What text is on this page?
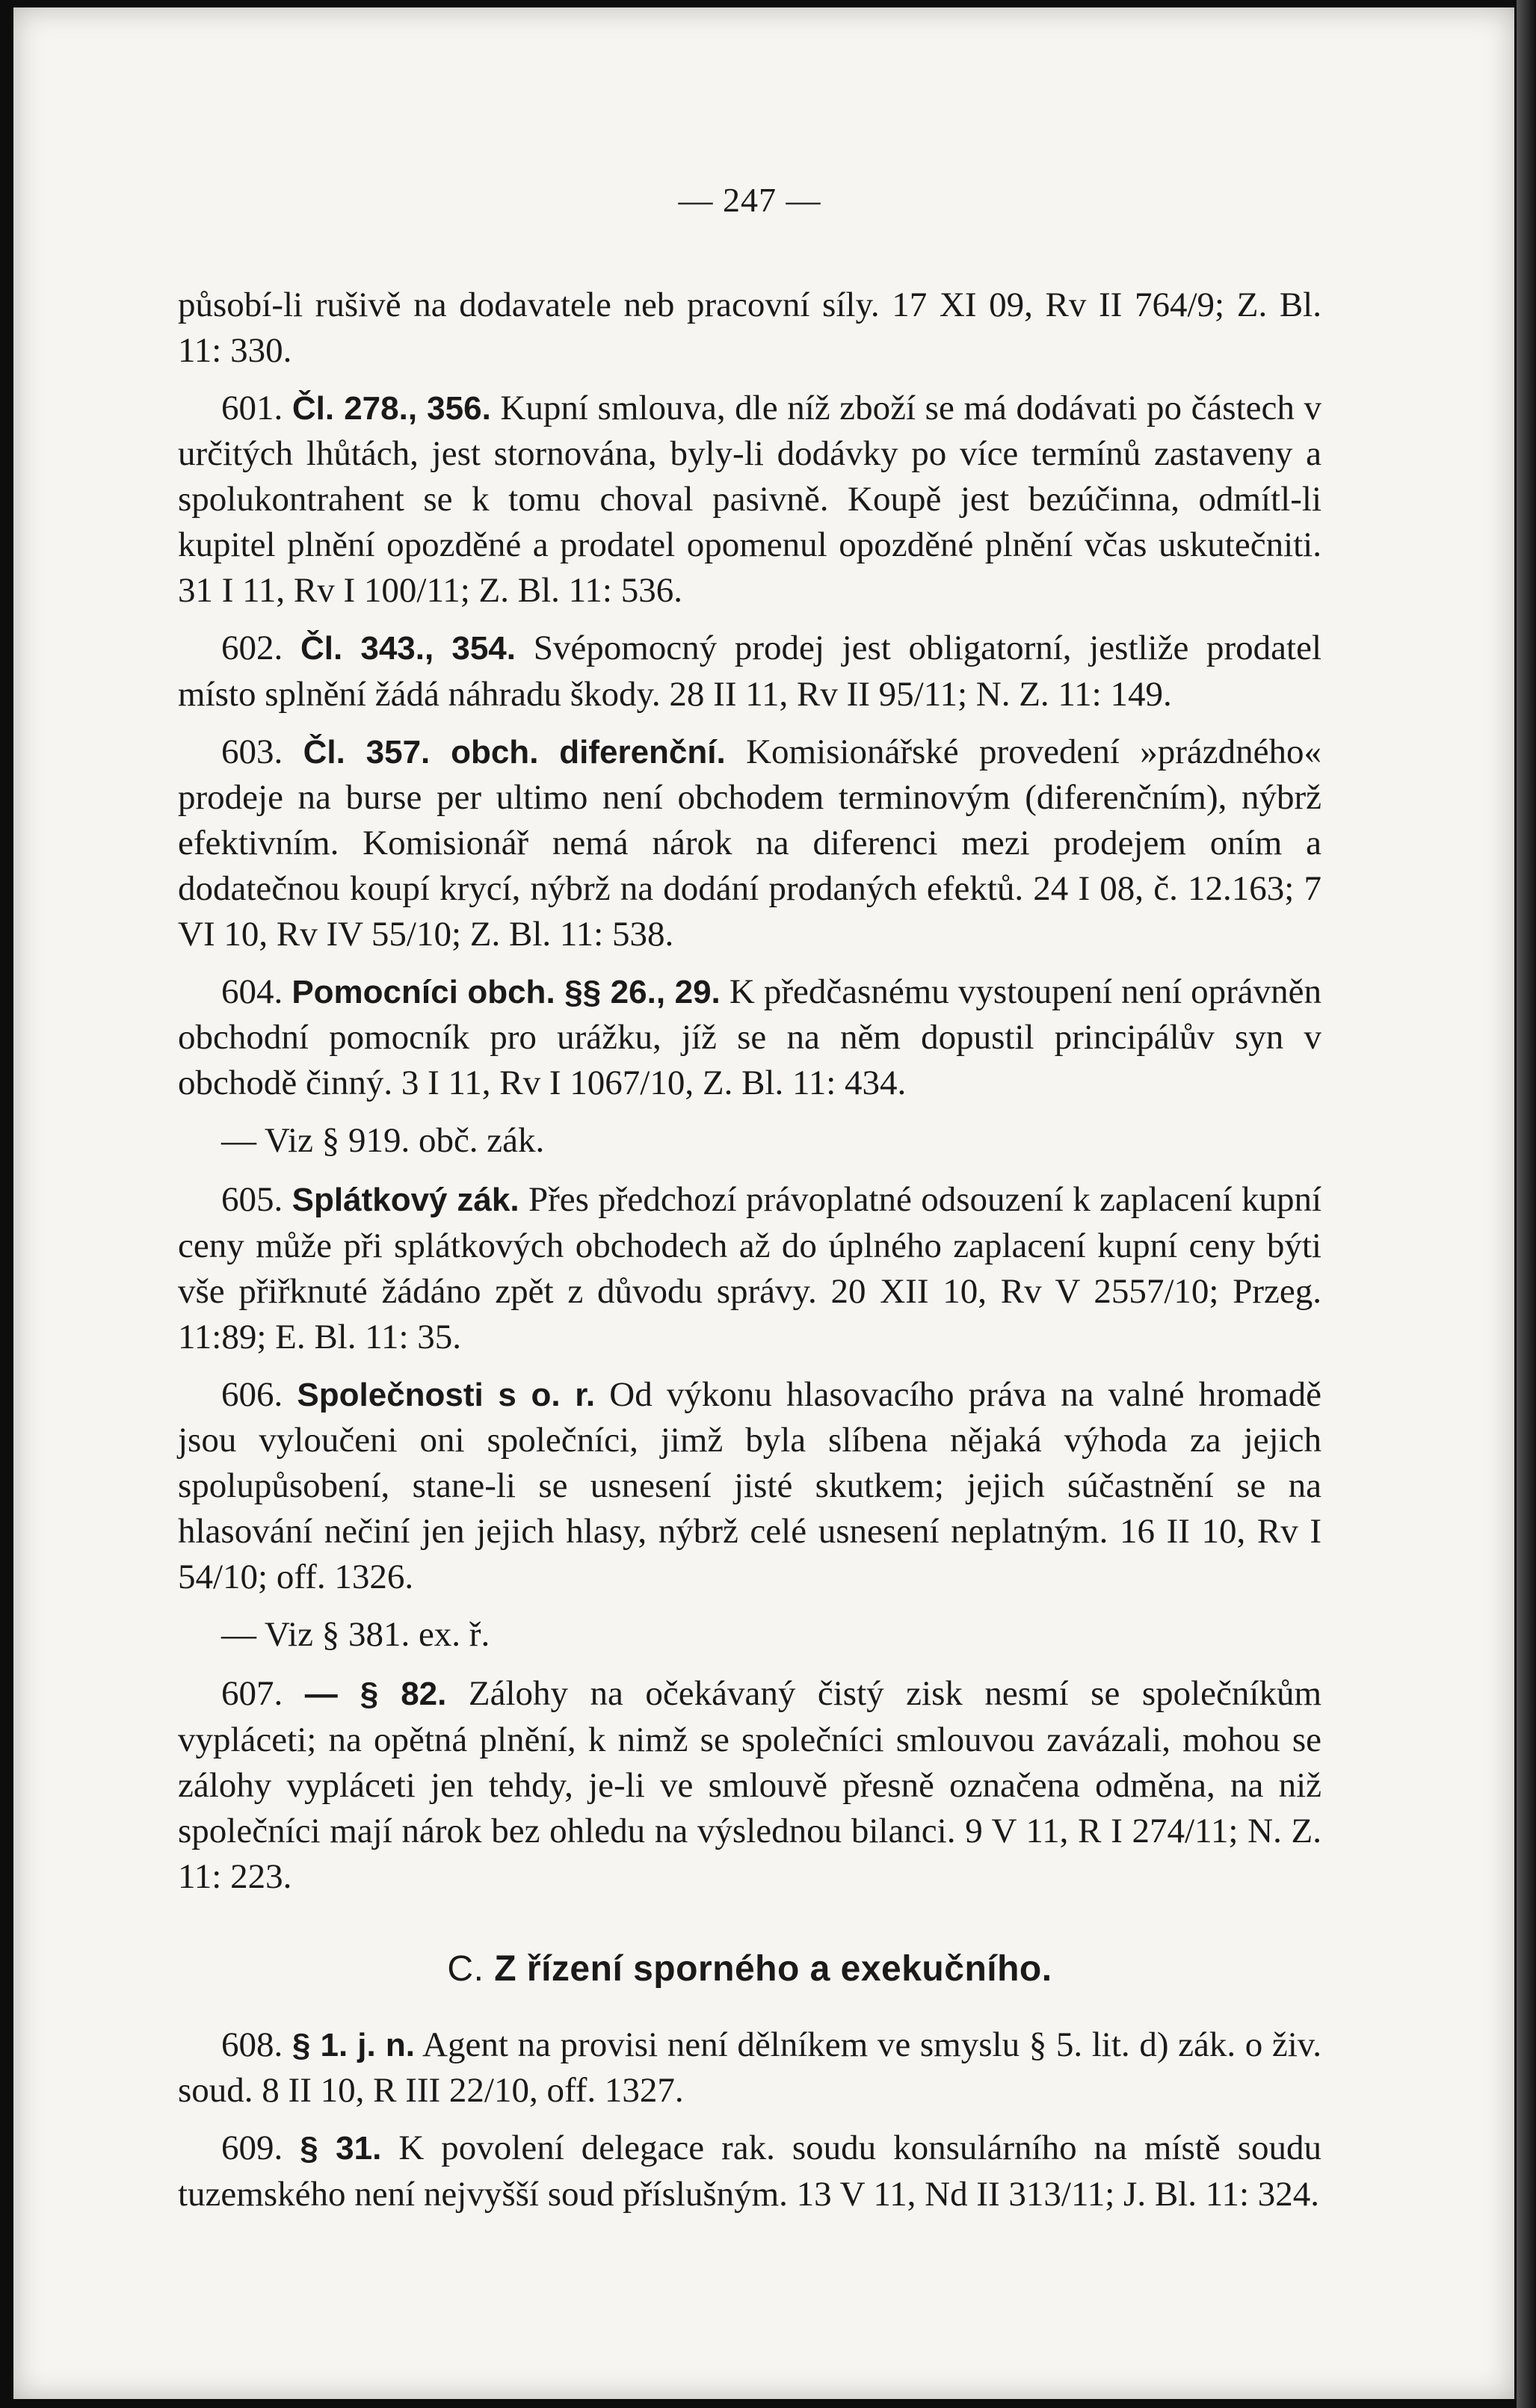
— 247 —

působí-li rušivě na dodavatele neb pracovní síly. 17 XI 09, Rv II 764/9; Z. Bl. 11: 330.

601. Čl. 278., 356. Kupní smlouva, dle níž zboží se má dodávati po částech v určitých lhůtách, jest stornována, byly-li dodávky po více termínů zastaveny a spolukontrahent se k tomu choval pasivně. Koupě jest bezúčinna, odmítl-li kupitel plnění opozděné a prodatel opomenul opozděné plnění včas uskutečniti. 31 I 11, Rv I 100/11; Z. Bl. 11: 536.

602. Čl. 343., 354. Svépomocný prodej jest obligatorní, jestliže prodatel místo splnění žádá náhradu škody. 28 II 11, Rv II 95/11; N. Z. 11: 149.

603. Čl. 357. obch. diferenční. Komisionářské provedení »prázdného« prodeje na burse per ultimo není obchodem terminovým (diferenčním), nýbrž efektivním. Komisionář nemá nárok na diferenci mezi prodejem oním a dodatečnou koupí krycí, nýbrž na dodání prodaných efektů. 24 I 08, č. 12.163; 7 VI 10, Rv IV 55/10; Z. Bl. 11: 538.

604. Pomocníci obch. §§ 26., 29. K předčasnému vystoupení není oprávněn obchodní pomocník pro urážku, jíž se na něm dopustil principálův syn v obchodě činný. 3 I 11, Rv I 1067/10, Z. Bl. 11: 434.

— Viz § 919. obč. zák.

605. Splátkový zák. Přes předchozí právoplatné odsouzení k zaplacení kupní ceny může při splátkových obchodech až do úplného zaplacení kupní ceny býti vše přiřknuté žádáno zpět z důvodu správy. 20 XII 10, Rv V 2557/10; Przeg. 11:89; E. Bl. 11: 35.

606. Společnosti s o. r. Od výkonu hlasovacího práva na valné hromadě jsou vyloučeni oni společníci, jimž byla slíbena nějaká výhoda za jejich spolupůsobení, stane-li se usnesení jisté skutkem; jejich súčastnění se na hlasování nečiní jen jejich hlasy, nýbrž celé usnesení neplatným. 16 II 10, Rv I 54/10; off. 1326.

— Viz § 381. ex. ř.

607. — § 82. Zálohy na očekávaný čistý zisk nesmí se společníkům vypláceti; na opětná plnění, k nimž se společníci smlouvou zavázali, mohou se zálohy vypláceti jen tehdy, je-li ve smlouvě přesně označena odměna, na niž společníci mají nárok bez ohledu na výslednou bilanci. 9 V 11, R I 274/11; N. Z. 11: 223.

C. Z řízení sporného a exekučního.

608. § 1. j. n. Agent na provisi není dělníkem ve smyslu § 5. lit. d) zák. o živ. soud. 8 II 10, R III 22/10, off. 1327.

609. § 31. K povolení delegace rak. soudu konsulárního na místě soudu tuzemského není nejvyšší soud příslušným. 13 V 11, Nd II 313/11; J. Bl. 11: 324.
